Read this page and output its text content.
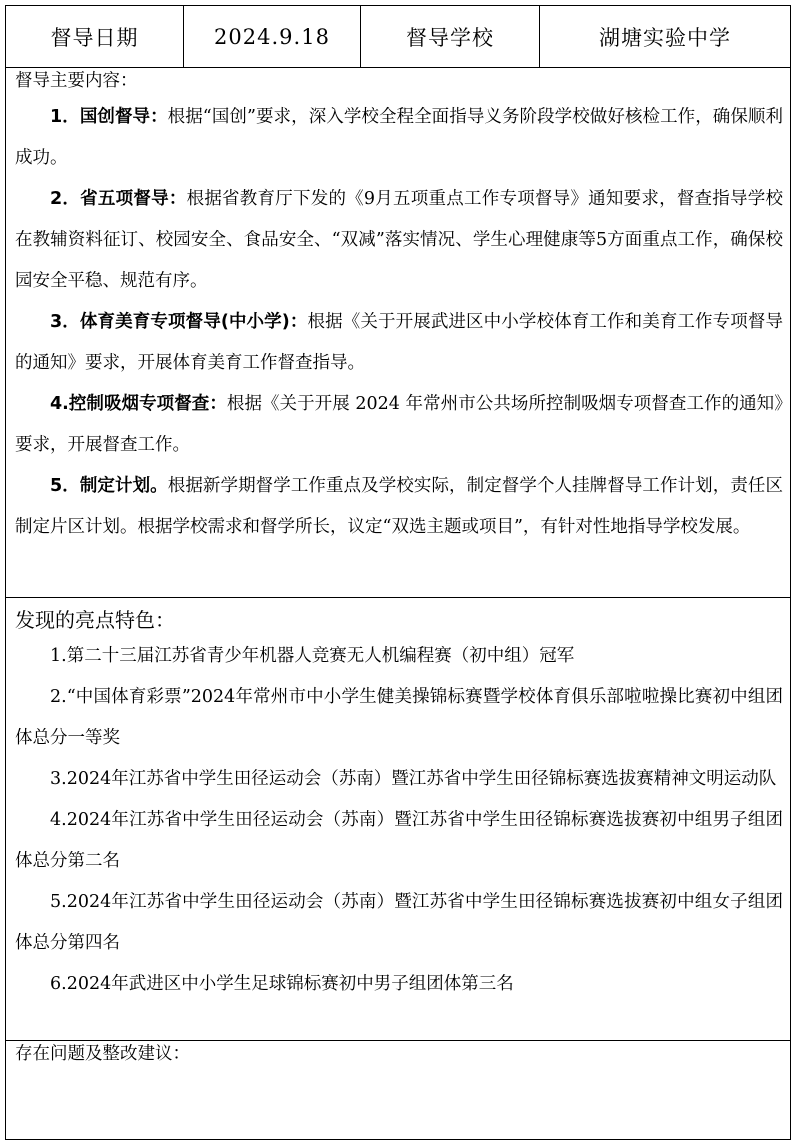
督导日期	2024.9.18	督导学校	湖塘实验中学
督导主要内容：

1．国创督导：根据“国创”要求，深入学校全程全面指导义务阶段学校做好核检工作，确保顺利成功。

2．省五项督导：根据省教育厅下发的《9月五项重点工作专项督导》通知要求，督查指导学校在教辅资料征订、校园安全、食品安全、“双减”落实情况、学生心理健康等5方面重点工作，确保校园安全平稳、规范有序。

3．体育美育专项督导(中小学)：根据《关于开展武进区中小学校体育工作和美育工作专项督导的通知》要求，开展体育美育工作督查指导。

4.控制吸烟专项督查：根据《关于开展 2024 年常州市公共场所控制吸烟专项督查工作的通知》要求，开展督查工作。

5．制定计划。根据新学期督学工作重点及学校实际，制定督学个人挂牌督导工作计划，责任区制定片区计划。根据学校需求和督学所长，议定“双选主题或项目”，有针对性地指导学校发展。

发现的亮点特色：

1.第二十三届江苏省青少年机器人竞赛无人机编程赛（初中组）冠军

2.“中国体育彩票”2024年常州市中小学生健美操锦标赛暨学校体育俱乐部啦啦操比赛初中组团体总分一等奖

3.2024年江苏省中学生田径运动会（苏南）暨江苏省中学生田径锦标赛选拔赛精神文明运动队

4.2024年江苏省中学生田径运动会（苏南）暨江苏省中学生田径锦标赛选拔赛初中组男子组团体总分第二名

5.2024年江苏省中学生田径运动会（苏南）暨江苏省中学生田径锦标赛选拔赛初中组女子组团体总分第四名

6.2024年武进区中小学生足球锦标赛初中男子组团体第三名

存在问题及整改建议：
